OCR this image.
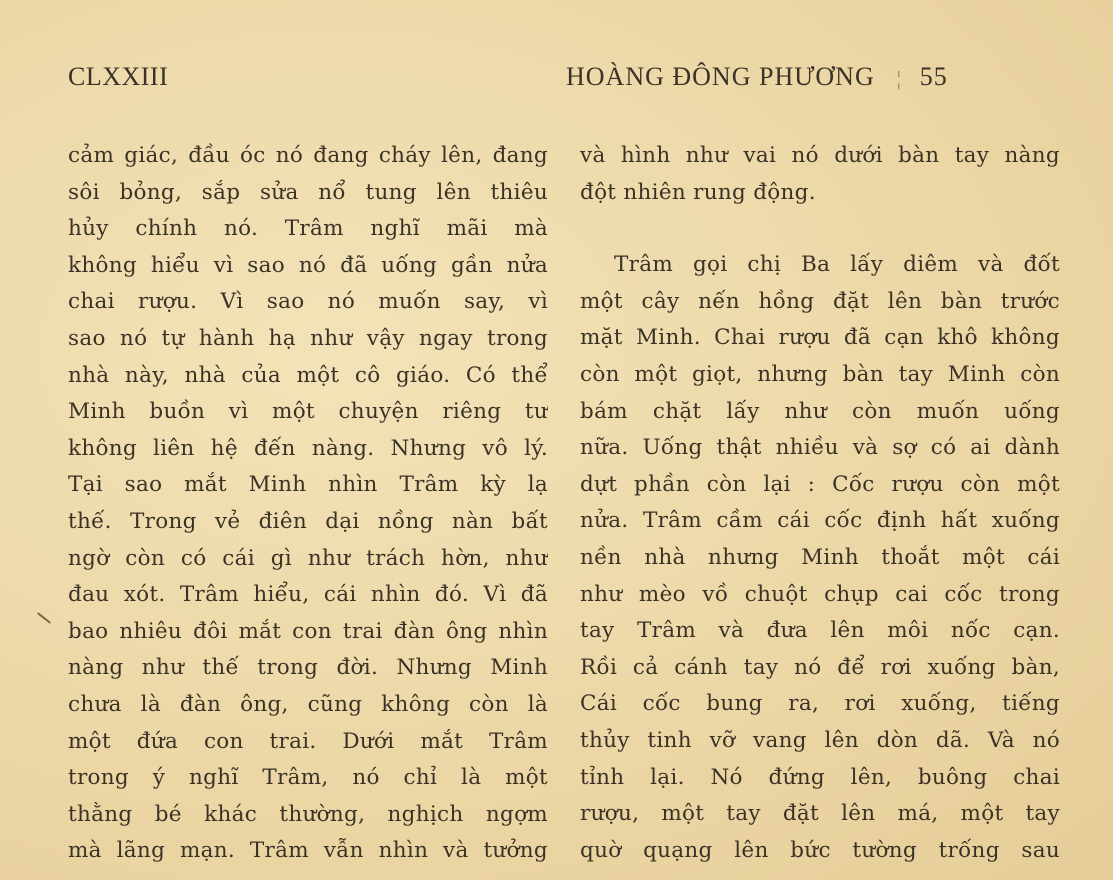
CLXXIII	HOÀNG ĐÔNG PHƯƠNG ¦ 55
cảm giác, đầu óc nó đang cháy lên, đang
sôi bỏng, sắp sửa nổ tung lên thiêu
hủy chính nó. Trâm nghĩ mãi mà
không hiểu vì sao nó đã uống gần nửa
chai rượu. Vì sao nó muốn say, vì
sao nó tự hành hạ như vậy ngay trong
nhà này, nhà của một cô giáo. Có thể
Minh buồn vì một chuyện riêng tư
không liên hệ đến nàng. Nhưng vô lý.
Tại sao mắt Minh nhìn Trâm kỳ lạ
thế. Trong vẻ điên dại nồng nàn bất
ngờ còn có cái gì như trách hờn, như
đau xót. Trâm hiểu, cái nhìn đó. Vì đã
bao nhiêu đôi mắt con trai đàn ông nhìn
nàng như thế trong đời. Nhưng Minh
chưa là đàn ông, cũng không còn là
một đứa con trai. Dưới mắt Trâm
trong ý nghĩ Trâm, nó chỉ là một
thằng bé khác thường, nghịch ngợm
mà lãng mạn. Trâm vẫn nhìn và tưởng
và hình như vai nó dưới bàn tay nàng
đột nhiên rung động.
Trâm gọi chị Ba lấy diêm và đốt
một cây nến hồng đặt lên bàn trước
mặt Minh. Chai rượu đã cạn khô không
còn một giọt, nhưng bàn tay Minh còn
bám chặt lấy như còn muốn uống
nữa. Uống thật nhiều và sợ có ai dành
dựt phần còn lại : Cốc rượu còn một
nửa. Trâm cầm cái cốc định hất xuống
nền nhà nhưng Minh thoắt một cái
như mèo vồ chuột chụp cai cốc trong
tay Trâm và đưa lên môi nốc cạn.
Rồi cả cánh tay nó để rơi xuống bàn,
Cái cốc bung ra, rơi xuống, tiếng
thủy tinh vỡ vang lên dòn dã. Và nó
tỉnh lại. Nó đứng lên, buông chai
rượu, một tay đặt lên má, một tay
quờ quạng lên bức tường trống sau
